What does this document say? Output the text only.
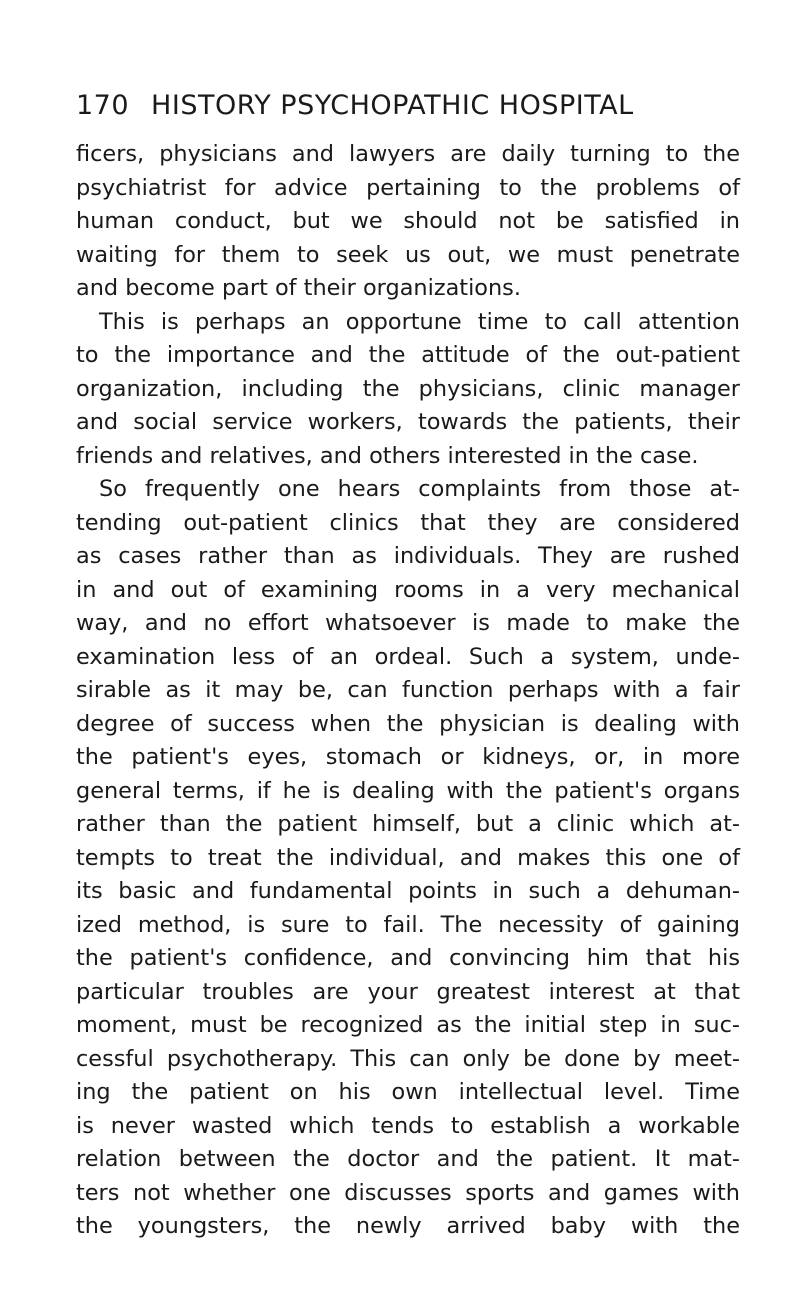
170 HISTORY PSYCHOPATHIC HOSPITAL
ficers, physicians and lawyers are daily turning to the
psychiatrist for advice pertaining to the problems of
human conduct, but we should not be satisfied in
waiting for them to seek us out, we must penetrate
and become part of their organizations.
This is perhaps an opportune time to call attention
to the importance and the attitude of the out-patient
organization, including the physicians, clinic manager
and social service workers, towards the patients, their
friends and relatives, and others interested in the case.
So frequently one hears complaints from those at-
tending out-patient clinics that they are considered
as cases rather than as individuals. They are rushed
in and out of examining rooms in a very mechanical
way, and no effort whatsoever is made to make the
examination less of an ordeal. Such a system, unde-
sirable as it may be, can function perhaps with a fair
degree of success when the physician is dealing with
the patient's eyes, stomach or kidneys, or, in more
general terms, if he is dealing with the patient's organs
rather than the patient himself, but a clinic which at-
tempts to treat the individual, and makes this one of
its basic and fundamental points in such a dehuman-
ized method, is sure to fail. The necessity of gaining
the patient's confidence, and convincing him that his
particular troubles are your greatest interest at that
moment, must be recognized as the initial step in suc-
cessful psychotherapy. This can only be done by meet-
ing the patient on his own intellectual level. Time
is never wasted which tends to establish a workable
relation between the doctor and the patient. It mat-
ters not whether one discusses sports and games with
the youngsters, the newly arrived baby with the
